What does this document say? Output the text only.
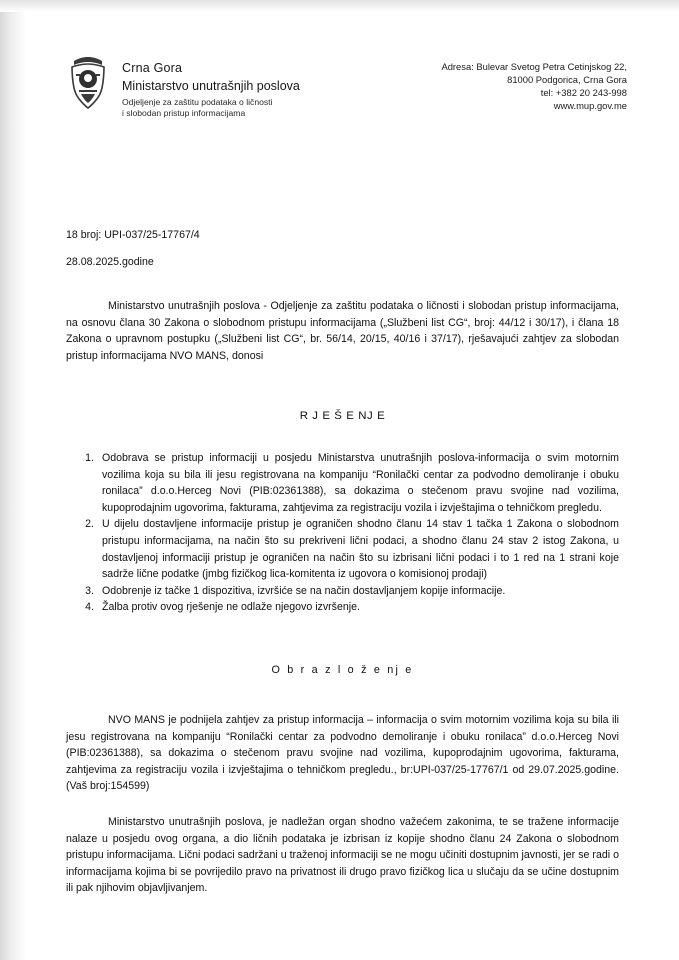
Crna Gora
Ministarstvo unutrašnjih poslova
Odjeljenje za zaštitu podataka o ličnosti
i slobodan pristup informacijama
Adresa: Bulevar Svetog Petra Cetinjskog 22,
81000 Podgorica, Crna Gora
tel: +382 20 243-998
www.mup.gov.me
18 broj: UPI-037/25-17767/4
28.08.2025.godine
Ministarstvo unutrašnjih poslova - Odjeljenje za zaštitu podataka o ličnosti i slobodan pristup informacijama, na osnovu člana 30 Zakona o slobodnom pristupu informacijama („Službeni list CG“, broj: 44/12 i 30/17), i člana 18 Zakona o upravnom postupku („Službeni list CG“, br. 56/14, 20/15, 40/16 i 37/17), rješavajući zahtjev za slobodan pristup informacijama NVO MANS, donosi
R J E Š E NJ E
1. Odobrava se pristup informaciji u posjedu Ministarstva unutrašnjih poslova-informacija o svim motornim vozilima koja su bila ili jesu registrovana na kompaniju “Ronilački centar za podvodno demoliranje i obuku ronilaca” d.o.o.Herceg Novi (PIB:02361388), sa dokazima o stečenom pravu svojine nad vozilima, kupoprodajnim ugovorima, fakturama, zahtjevima za registraciju vozila i izvještajima o tehničkom pregledu.
2. U dijelu dostavljene informacije pristup je ograničen shodno članu 14 stav 1 tačka 1 Zakona o slobodnom pristupu informacijama, na način što su prekriveni lični podaci, a shodno članu 24 stav 2 istog Zakona, u dostavljenoj informaciji pristup je ograničen na način što su izbrisani lični podaci i to 1 red na 1 strani koje sadrže lične podatke (jmbg fizičkog lica-komitenta iz ugovora o komisionoj prodaji)
3. Odobrenje iz tačke 1 dispozitiva, izvršiće se na način dostavljanjem kopije informacije.
4. Žalba protiv ovog rješenje ne odlaže njegovo izvršenje.
O b r a z l o ž e nj e
NVO MANS je podnijela zahtjev za pristup informacija – informacija o svim motornim vozilima koja su bila ili jesu registrovana na kompaniju “Ronilački centar za podvodno demoliranje i obuku ronilaca” d.o.o.Herceg Novi (PIB:02361388), sa dokazima o stečenom pravu svojine nad vozilima, kupoprodajnim ugovorima, fakturama, zahtjevima za registraciju vozila i izvještajima o tehničkom pregledu., br:UPI-037/25-17767/1 od 29.07.2025.godine. (Vaš broj:154599)
Ministarstvo unutrašnjih poslova, je nadležan organ shodno važećem zakonima, te se tražene informacije nalaze u posjedu ovog organa, a dio ličnih podataka je izbrisan iz kopije shodno članu 24 Zakona o slobodnom pristupu informacijama. Lični podaci sadržani u traženoj informaciji se ne mogu učiniti dostupnim javnosti, jer se radi o informacijama kojima bi se povrijedilo pravo na privatnost ili drugo pravo fizičkog lica u slučaju da se učine dostupnim ili pak njihovim objavljivanjem.
